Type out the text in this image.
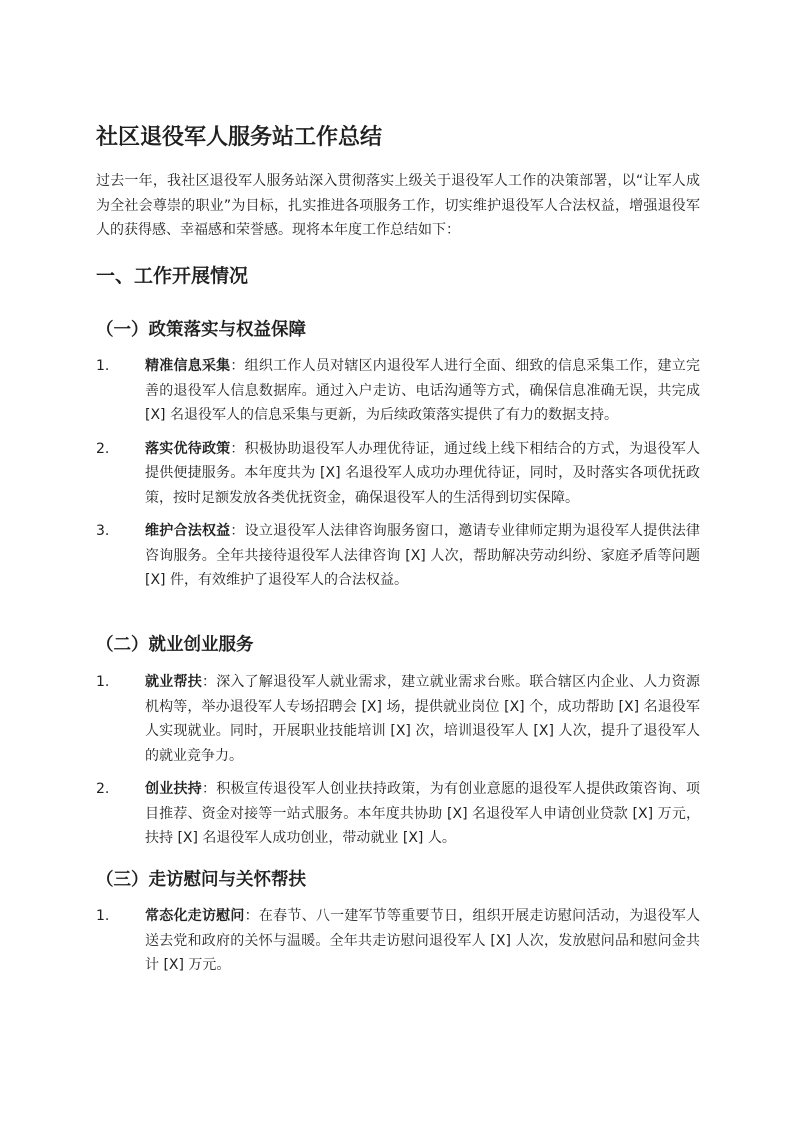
社区退役军人服务站工作总结

过去一年，我社区退役军人服务站深入贯彻落实上级关于退役军人工作的决策部署，以“让军人成为全社会尊崇的职业”为目标，扎实推进各项服务工作，切实维护退役军人合法权益，增强退役军人的获得感、幸福感和荣誉感。现将本年度工作总结如下：

一、工作开展情况
（一）政策落实与权益保障
1.	精准信息采集：组织工作人员对辖区内退役军人进行全面、细致的信息采集工作，建立完善的退役军人信息数据库。通过入户走访、电话沟通等方式，确保信息准确无误，共完成 [X] 名退役军人的信息采集与更新，为后续政策落实提供了有力的数据支持。
2.	落实优待政策：积极协助退役军人办理优待证，通过线上线下相结合的方式，为退役军人提供便捷服务。本年度共为 [X] 名退役军人成功办理优待证，同时，及时落实各项优抚政策，按时足额发放各类优抚资金，确保退役军人的生活得到切实保障。
3.	维护合法权益：设立退役军人法律咨询服务窗口，邀请专业律师定期为退役军人提供法律咨询服务。全年共接待退役军人法律咨询 [X] 人次，帮助解决劳动纠纷、家庭矛盾等问题 [X] 件，有效维护了退役军人的合法权益。
（二）就业创业服务
1.	就业帮扶：深入了解退役军人就业需求，建立就业需求台账。联合辖区内企业、人力资源机构等，举办退役军人专场招聘会 [X] 场，提供就业岗位 [X] 个，成功帮助 [X] 名退役军人实现就业。同时，开展职业技能培训 [X] 次，培训退役军人 [X] 人次，提升了退役军人的就业竞争力。
2.	创业扶持：积极宣传退役军人创业扶持政策，为有创业意愿的退役军人提供政策咨询、项目推荐、资金对接等一站式服务。本年度共协助 [X] 名退役军人申请创业贷款 [X] 万元，扶持 [X] 名退役军人成功创业，带动就业 [X] 人。
（三）走访慰问与关怀帮扶
1.	常态化走访慰问：在春节、八一建军节等重要节日，组织开展走访慰问活动，为退役军人送去党和政府的关怀与温暖。全年共走访慰问退役军人 [X] 人次，发放慰问品和慰问金共计 [X] 万元。
